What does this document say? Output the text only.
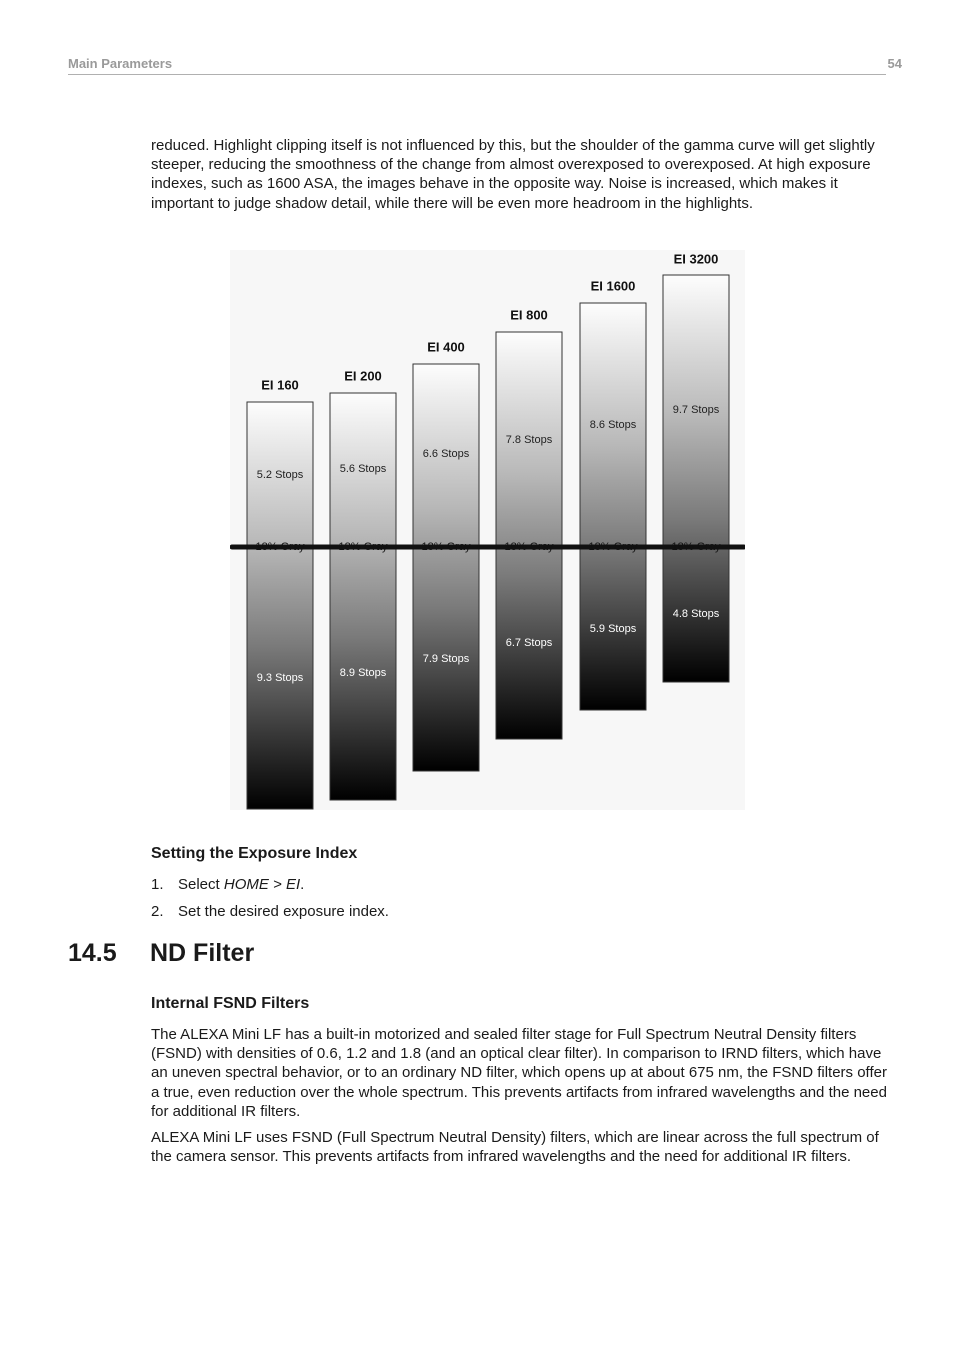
Main Parameters	54

reduced. Highlight clipping itself is not influenced by this, but the shoulder of the gamma curve will get slightly steeper, reducing the smoothness of the change from almost overexposed to overexposed. At high exposure indexes, such as 1600 ASA, the images behave in the opposite way. Noise is increased, which makes it important to judge shadow detail, while there will be even more headroom in the highlights.

EI 160
5.2 Stops
18% Gray
9.3 Stops
EI 200
5.6 Stops
18% Gray
8.9 Stops
EI 400
6.6 Stops
18% Gray
7.9 Stops
EI 800
7.8 Stops
18% Gray
6.7 Stops
EI 1600
8.6 Stops
18% Gray
5.9 Stops
EI 3200
9.7 Stops
18% Gray
4.8 Stops
Setting the Exposure Index
1. Select HOME > EI.
2. Set the desired exposure index.
14.5 ND Filter
Internal FSND Filters

The ALEXA Mini LF has a built-in motorized and sealed filter stage for Full Spectrum Neutral Density filters (FSND) with densities of 0.6, 1.2 and 1.8 (and an optical clear filter). In comparison to IRND filters, which have an uneven spectral behavior, or to an ordinary ND filter, which opens up at about 675 nm, the FSND filters offer a true, even reduction over the whole spectrum. This prevents artifacts from infrared wavelengths and the need for additional IR filters.

ALEXA Mini LF uses FSND (Full Spectrum Neutral Density) filters, which are linear across the full spectrum of the camera sensor. This prevents artifacts from infrared wavelengths and the need for additional IR filters.
